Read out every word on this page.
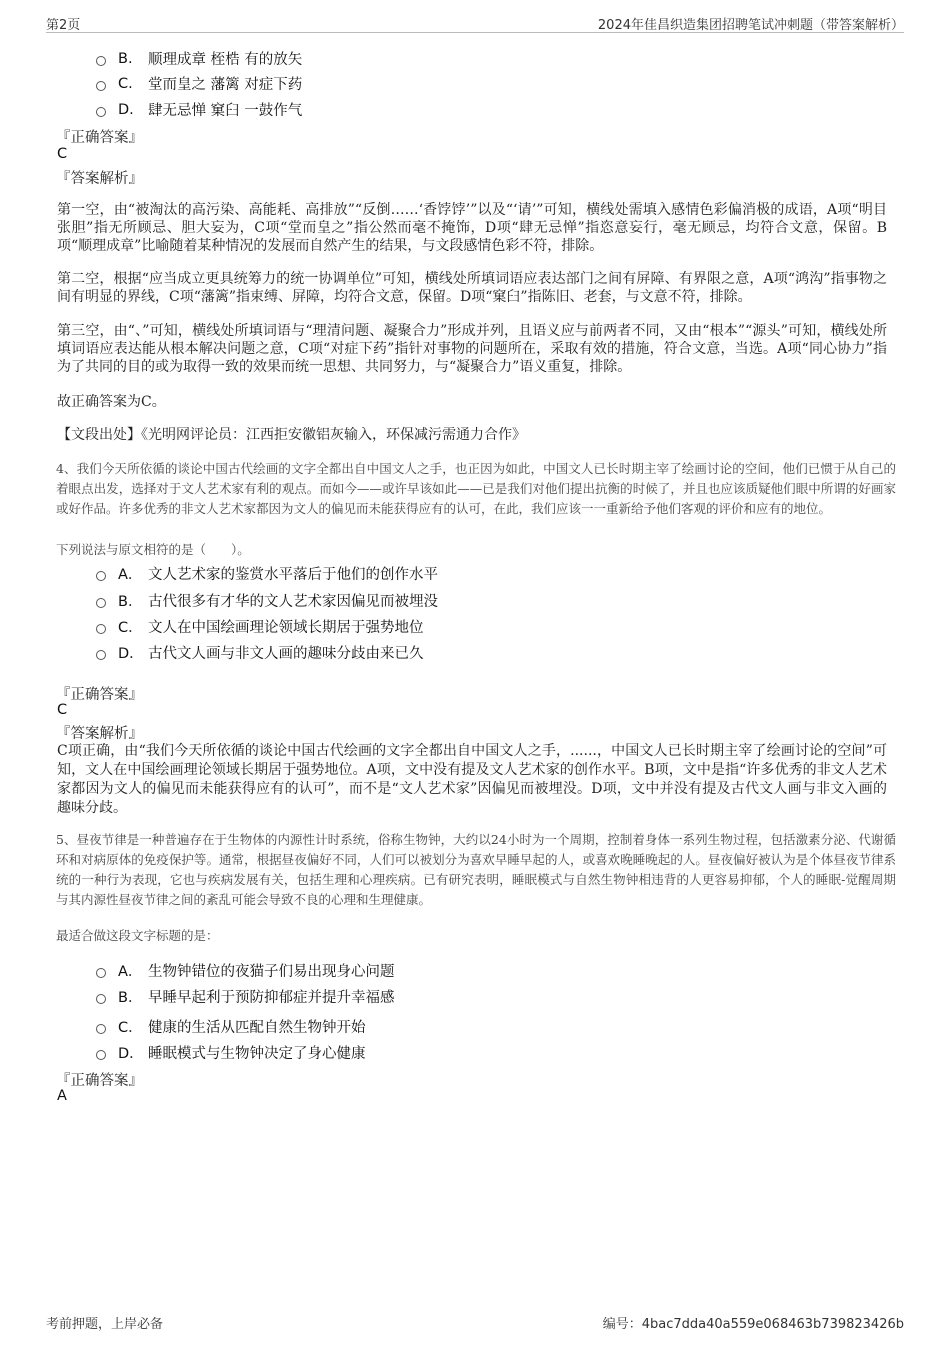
第2页	2024年佳昌织造集团招聘笔试冲刺题（带答案解析）
B.	顺理成章 桎梏 有的放矢
C.	堂而皇之 藩篱 对症下药
D. 肆无忌惮 窠臼 一鼓作气
『正确答案』
C
『答案解析』
第一空，由“被淘汰的高污染、高能耗、高排放”“反倒……‘香饽饽’”以及“‘请’”可知，横线处需填入感情色彩偏消极的成语，A项“明目张胆”指无所顾忌、胆大妄为，C项“堂而皇之”指公然而毫不掩饰，D项“肆无忌惮”指恣意妄行，毫无顾忌，均符合文意，保留。B项“顺理成章”比喻随着某种情况的发展而自然产生的结果，与文段感情色彩不符，排除。
第二空，根据“应当成立更具统筹力的统一协调单位”可知，横线处所填词语应表达部门之间有屏障、有界限之意，A项“鸿沟”指事物之间有明显的界线，C项“藩篱”指束缚、屏障，均符合文意，保留。D项“窠臼”指陈旧、老套，与文意不符，排除。
第三空，由“、”可知，横线处所填词语与“理清问题、凝聚合力”形成并列，且语义应与前两者不同，又由“根本”“源头”可知，横线处所填词语应表达能从根本解决问题之意，C项“对症下药”指针对事物的问题所在，采取有效的措施，符合文意，当选。A项“同心协力”指为了共同的目的或为取得一致的效果而统一思想、共同努力，与“凝聚合力”语义重复，排除。
故正确答案为C。
【文段出处】《光明网评论员：江西拒安徽铝灰输入，环保减污需通力合作》
4、我们今天所依循的谈论中国古代绘画的文字全都出自中国文人之手，也正因为如此，中国文人已长时期主宰了绘画讨论的空间，他们已惯于从自己的着眼点出发，选择对于文人艺术家有利的观点。而如今——或许早该如此——已是我们对他们提出抗衡的时候了，并且也应该质疑他们眼中所谓的好画家或好作品。许多优秀的非文人艺术家都因为文人的偏见而未能获得应有的认可，在此，我们应该一一重新给予他们客观的评价和应有的地位。
下列说法与原文相符的是（　　）。
A． 文人艺术家的鉴赏水平落后于他们的创作水平
B． 古代很多有才华的文人艺术家因偏见而被埋没
C． 文人在中国绘画理论领域长期居于强势地位
D． 古代文人画与非文人画的趣味分歧由来已久
『正确答案』
C
『答案解析』
C项正确，由“我们今天所依循的谈论中国古代绘画的文字全都出自中国文人之手，......，中国文人已长时期主宰了绘画讨论的空间”可知，文人在中国绘画理论领域长期居于强势地位。A项，文中没有提及文人艺术家的创作水平。B项，文中是指“许多优秀的非文人艺术家都因为文人的偏见而未能获得应有的认可”，而不是“文人艺术家”因偏见而被埋没。D项，文中并没有提及古代文人画与非文入画的趣味分歧。
5、昼夜节律是一种普遍存在于生物体的内源性计时系统，俗称生物钟，大约以24小时为一个周期，控制着身体一系列生物过程，包括激素分泌、代谢循环和对病原体的免疫保护等。通常，根据昼夜偏好不同，人们可以被划分为喜欢早睡早起的人，或喜欢晚睡晚起的人。昼夜偏好被认为是个体昼夜节律系统的一种行为表现，它也与疾病发展有关，包括生理和心理疾病。已有研究表明，睡眠模式与自然生物钟相违背的人更容易抑郁，个人的睡眠-觉醒周期与其内源性昼夜节律之间的紊乱可能会导致不良的心理和生理健康。
最适合做这段文字标题的是：
A． 生物钟错位的夜猫子们易出现身心问题
B． 早睡早起利于预防抑郁症并提升幸福感
C． 健康的生活从匹配自然生物钟开始
D． 睡眠模式与生物钟决定了身心健康
『正确答案』
A
考前押题，上岸必备	编号：4bac7dda40a559e068463b739823426b
